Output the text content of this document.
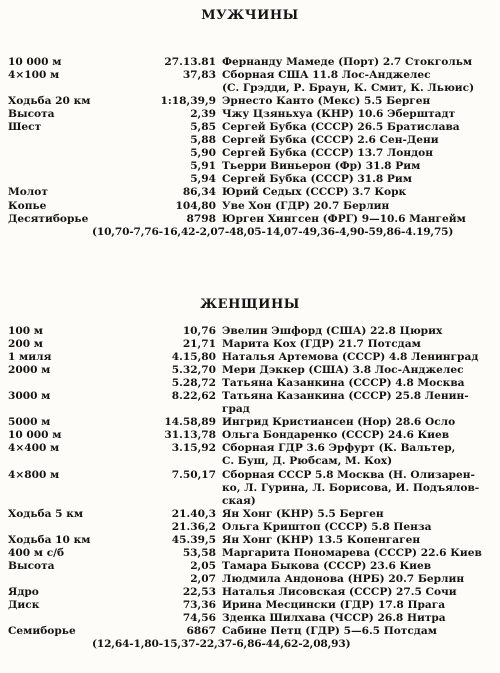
МУЖЧИНЫ
10 000 м	27.13.81 Фернанду Мамеде (Порт) 2.7 Стокгольм
4×100 м	37,83 Сборная США 11.8 Лос-Анджелес
(С. Грэдди, Р. Браун, К. Смит, К. Льюис)
Ходьба 20 км	1:18,39,9 Эрнесто Канто (Мекс) 5.5 Берген
Высота	2,39 Чжу Цзяньхуа (КНР) 10.6 Эберштадт
Шест	5,85 Сергей Бубка (СССР) 26.5 Братислава
5,88 Сергей Бубка (СССР) 2.6 Сен-Дени
5,90 Сергей Бубка (СССР) 13.7 Лондон
5,91 Тьерри Виньерон (Фр) 31.8 Рим
5,94 Сергей Бубка (СССР) 31.8 Рим
Молот	86,34 Юрий Седых (СССР) 3.7 Корк
Копье	104,80 Уве Хон (ГДР) 20.7 Берлин
Десятиборье	8798 Юрген Хингсен (ФРГ) 9—10.6 Мангейм
(10,70-7,76-16,42-2,07-48,05-14,07-49,36-4,90-59,86-4.19,75)
ЖЕНЩИНЫ
100 м	10,76 Эвелин Эшфорд (США) 22.8 Цюрих
200 м	21,71 Марита Кох (ГДР) 21.7 Потсдам
1 миля	4.15,80 Наталья Артемова (СССР) 4.8 Ленинград
2000 м	5.32,70 Мери Дэккер (США) 3.8 Лос-Анджелес
5.28,72 Татьяна Казанкина (СССР) 4.8 Москва
3000 м	8.22,62 Татьяна Казанкина (СССР) 25.8 Ленин-
град
5000 м	14.58,89 Ингрид Кристиансен (Нор) 28.6 Осло
10 000 м	31.13,78 Ольга Бондаренко (СССР) 24.6 Киев
4×400 м	3.15,92 Сборная ГДР 3.6 Эрфурт (К. Вальтер,
С. Буш, Д. Рюбсам, М. Кох)
4×800 м	7.50,17 Сборная СССР 5.8 Москва (Н. Олизарен-
ко, Л. Гурина, Л. Борисова, И. Подъялов-
ская)
Ходьба 5 км	21.40,3 Ян Хонг (КНР) 5.5 Берген
21.36,2 Ольга Криштоп (СССР) 5.8 Пенза
Ходьба 10 км	45.39,5 Ян Хонг (КНР) 13.5 Копенгаген
400 м с/б	53,58 Маргарита Пономарева (СССР) 22.6 Киев
Высота	2,05 Тамара Быкова (СССР) 23.6 Киев
2,07 Людмила Андонова (НРБ) 20.7 Берлин
Ядро	22,53 Наталья Лисовская (СССР) 27.5 Сочи
Диск	73,36 Ирина Месцински (ГДР) 17.8 Прага
74,56 Зденка Шилхава (ЧССР) 26.8 Нитра
Семиборье	6867 Сабине Петц (ГДР) 5—6.5 Потсдам
(12,64-1,80-15,37-22,37-6,86-44,62-2,08,93)
